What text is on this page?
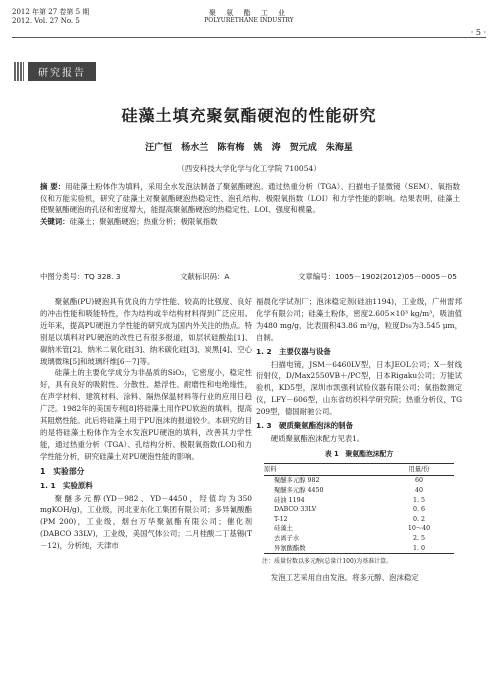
2012 年第 27 卷第 5 期
2012. Vol. 27 No. 5
聚 氨 酯 工 业
POLYURETHANE INDUSTRY
· 5 ·
研究报告
硅藻土填充聚氨酯硬泡的性能研究
汪广恒 杨水兰 陈有梅 姚 涛 贺元成 朱海星
（西安科技大学化学与化工学院 710054）
摘 要：用硅藻土粉体作为填料，采用全水发泡法制备了聚氨酯硬泡。通过热重分析（TGA）、扫描电子显微镜（SEM）、氧指数仪和万能实验机，研究了硅藻土对聚氨酯硬泡热稳定性、泡孔结构、极限氧指数（LOI）和力学性能的影响。结果表明，硅藻土使聚氨酯硬泡的孔径和密度增大，能提高聚氨酯硬泡的热稳定性、LOI、强度和模量。
关键词：硅藻土；聚氨酯硬泡；热重分析；极限氧指数
中图分类号：TQ 328. 3	文献标识码：A	文章编号：1005－1902(2012)05－0005－05

聚氨酯(PU)硬泡具有优良的力学性能、较高的比强度、良好的冲击性能和吸能特性，作为结构或半结构材料得到广泛应用。近年来，提高PU硬泡力学性能的研究成为国内外关注的热点。特别是以填料对PU硬泡的改性已有很多报道，如层状硅酸盐[1]、碳纳米管[2]、纳米二氧化硅[3]、纳米碳化硅[3]、炭黑[4]、空心玻璃微珠[5]和玻璃纤维[6－7]等。

硅藻土的主要化学成分为非晶质的SiO₂，它密度小，稳定性好，具有良好的吸附性、分散性、悬浮性、耐磨性和电绝缘性，在声学材料、建筑材料、涂料、隔热保温材料等行业的应用日趋广泛。1982年的美国专利[8]将硅藻土用作PU软泡的填料，提高其阻燃性能。此后将硅藻土用于PU泡沫的报道较少。本研究的目的是将硅藻土粉体作为全水发泡PU硬泡的填料，改善其力学性能，通过热重分析（TGA）、孔结构分析、极限氧指数(LOI)和力学性能分析，研究硅藻土对PU硬泡性能的影响。

1　实验部分
1. 1　实验原料

聚醚多元醇(YD－982、YD－4450，羟值均为350 mgKOH/g)，工业级，河北亚东化工集团有限公司；多异氰酸酯(PM 200)，工业级，烟台万华聚氨酯有限公司；催化剂(DABCO 33LV)，工业级，美国气体公司；二月桂酸二丁基锡(T－12)，分析纯，天津市

福晨化学试剂厂；泡沫稳定剂(硅油1194)，工业级，广州雷邦化学有限公司；硅藻土粉体，密度2.605×10³ kg/m³，吸油值为480 mg/g，比表面积43.86 m²/g，粒度D₅₀为3.545 μm，自制。

1. 2　主要仪器与设备

扫描电镜，JSM－6460LV型，日本JEOL公司；X－射线衍射仪，D/Max2550VB＋/PC型，日本Rigaku公司；万能试验机，KD5型，深圳市凯强利试验仪器有限公司；氧指数测定仪，LFY－606型，山东省纺织科学研究院；热重分析仪，TG 209型，德国耐驰公司。

1. 3　硬质聚氨酯泡沫的制备

硬质聚氨酯泡沫配方见表1。

表 1　聚氨酯泡沫配方
原料	用量/份
聚醚多元醇 982	60
聚醚多元醇 4450	40
硅油 1194	1. 5
DABCO 33LV	0. 6
T-12	0. 2
硅藻土	10～40
去离子水	2. 5
异氰酸酯数	1. 0
注：质量份数以多元醇(总量计100)为基准计算。

发泡工艺采用自由发泡。将多元醇、泡沫稳定
